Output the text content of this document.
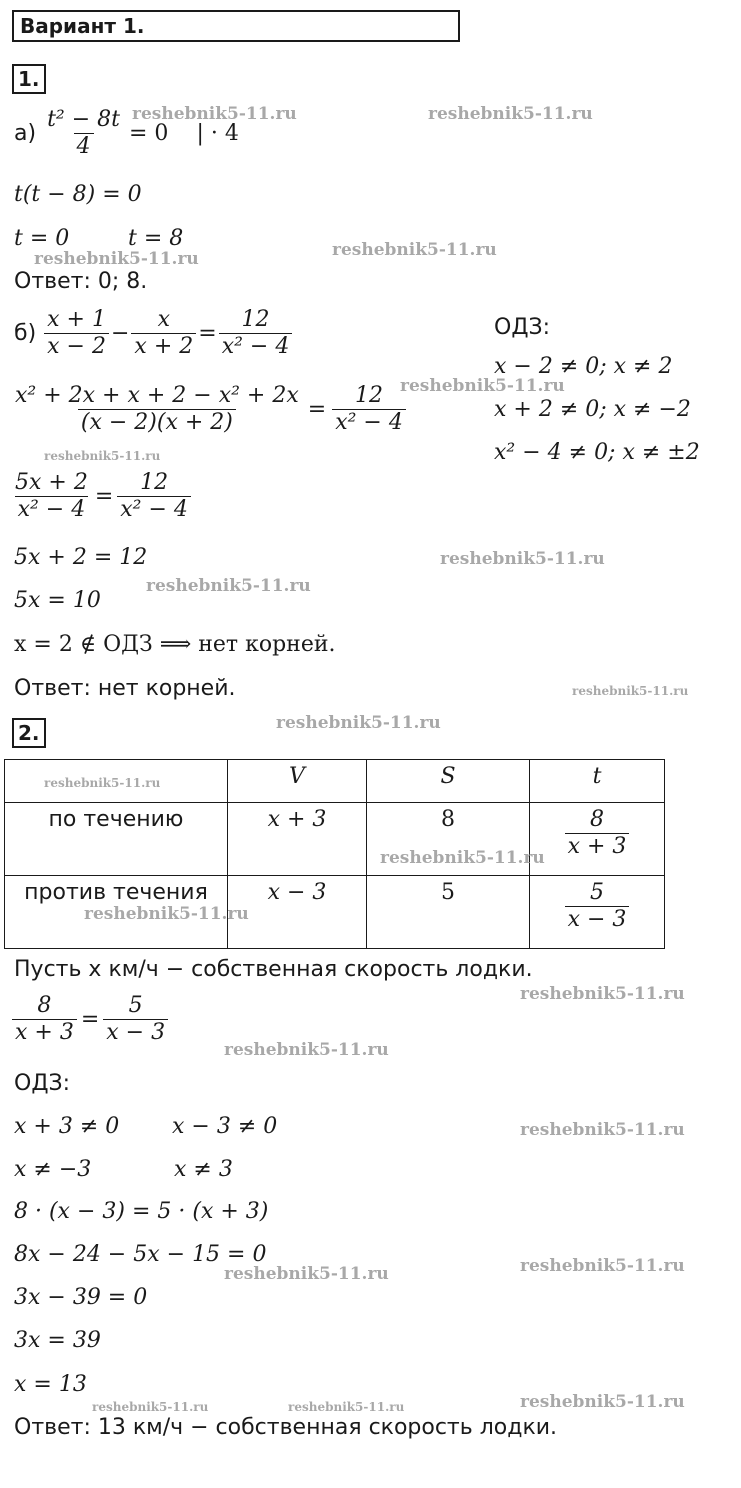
Вариант 1.
1.
$а) \frac{\text{t² − 8t}}{4} = 0$ | · 4
t(t − 8) = 0
t = 0	t = 8
Ответ: 0; 8.
$б) \frac{x + 1}{x - 2} - \frac{x}{x + 2} = \frac{12}{\text{x² − 4}}$	ОДЗ:
x − 2 ≠ 0; x ≠ 2
x + 2 ≠ 0; x ≠ −2
x² − 4 ≠ 0; x ≠ ±2
$\frac{\text{x² + 2x + x + 2 − x² + 2x}}{(x - 2)(x + 2)} = \frac{12}{\text{x² − 4}}$
$\frac{5x + 2}{\text{x² − 4}} = \frac{12}{\text{x² − 4}}$
5x + 2 = 12
5x = 10
x = 2 ∉ ОДЗ ⟹ нет корней.
Ответ: нет корней.
2.
	V	S	t
по течению	x + 3	8	$\frac{8}{x + 3}$

против течения	x − 3	5	$\frac{5}{x - 3}$
Пусть x км/ч − собственная скорость лодки.
$\frac{8}{x + 3} = \frac{5}{x - 3}$
ОДЗ:
x + 3 ≠ 0 x − 3 ≠ 0
x ≠ −3	x ≠ 3
8 · (x − 3) = 5 · (x + 3)
8x − 24 − 5x − 15 = 0
3x − 39 = 0
3x = 39
x = 13
Ответ: 13 км/ч − собственная скорость лодки.
reshebnik5-11.ru	reshebnik5-11.ru
reshebnik5-11.ru	reshebnik5-11.ru
reshebnik5-11.ru
reshebnik5-11.ru
reshebnik5-11.ru
reshebnik5-11.ru
reshebnik5-11.ru
reshebnik5-11.ru
reshebnik5-11.ru
reshebnik5-11.ru
reshebnik5-11.ru
reshebnik5-11.ru
reshebnik5-11.ru
reshebnik5-11.ru
reshebnik5-11.ru	reshebnik5-11.ru
reshebnik5-11.ru	reshebnik5-11.ru	reshebnik5-11.ru
